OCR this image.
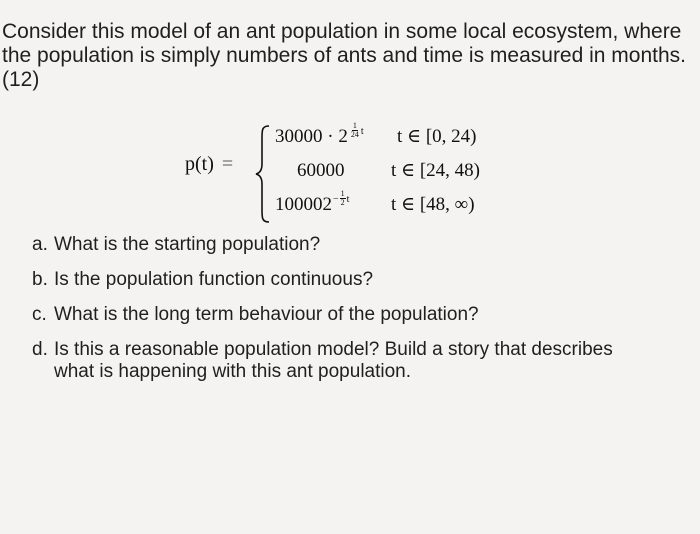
Consider this model of an ant population in some local ecosystem, where
the population is simply numbers of ants and time is measured in months.
(12)
p(t) =
30000 · 2 $^{\frac{1}{24} t}$ t ∈ [0, 24)
60000 t ∈ [24, 48)
$100002^{- \frac{1}{2} t}$ t ∈ [48, ∞)
a. What is the starting population?
b. Is the population function continuous?
c. What is the long term behaviour of the population?
d. Is this a reasonable population model? Build a story that describes
what is happening with this ant population.
